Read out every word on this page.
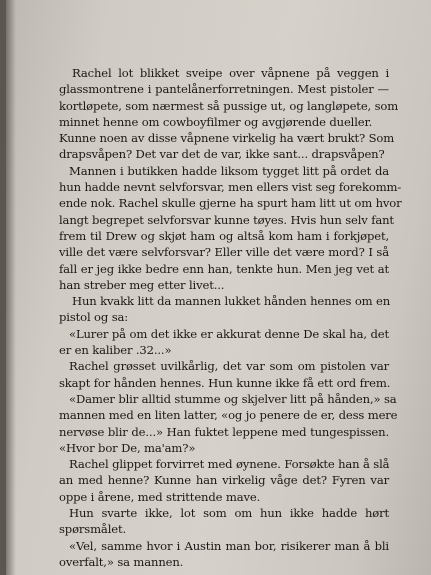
Rachel lot blikket sveipe over våpnene på veggen i
glassmontrene i pantelånerforretningen. Mest pistoler —
kortløpete, som nærmest så pussige ut, og langløpete, som
minnet henne om cowboyfilmer og avgjørende dueller.
Kunne noen av disse våpnene virkelig ha vært brukt? Som
drapsvåpen? Det var det de var, ikke sant... drapsvåpen?
Mannen i butikken hadde liksom tygget litt på ordet da
hun hadde nevnt selvforsvar, men ellers vist seg forekomm-
ende nok. Rachel skulle gjerne ha spurt ham litt ut om hvor
langt begrepet selvforsvar kunne tøyes. Hvis hun selv fant
frem til Drew og skjøt ham og altså kom ham i forkjøpet,
ville det være selvforsvar? Eller ville det være mord? I så
fall er jeg ikke bedre enn han, tenkte hun. Men jeg vet at
han streber meg etter livet...
Hun kvakk litt da mannen lukket hånden hennes om en
pistol og sa:
«Lurer på om det ikke er akkurat denne De skal ha, det
er en kaliber .32...»
Rachel grøsset uvilkårlig, det var som om pistolen var
skapt for hånden hennes. Hun kunne ikke få ett ord frem.
«Damer blir alltid stumme og skjelver litt på hånden,» sa
mannen med en liten latter, «og jo penere de er, dess mere
nervøse blir de...» Han fuktet leppene med tungespissen.
«Hvor bor De, ma'am?»
Rachel glippet forvirret med øynene. Forsøkte han å slå
an med henne? Kunne han virkelig våge det? Fyren var
oppe i årene, med strittende mave.
Hun svarte ikke, lot som om hun ikke hadde hørt
spørsmålet.
«Vel, samme hvor i Austin man bor, risikerer man å bli
overfalt,» sa mannen.
